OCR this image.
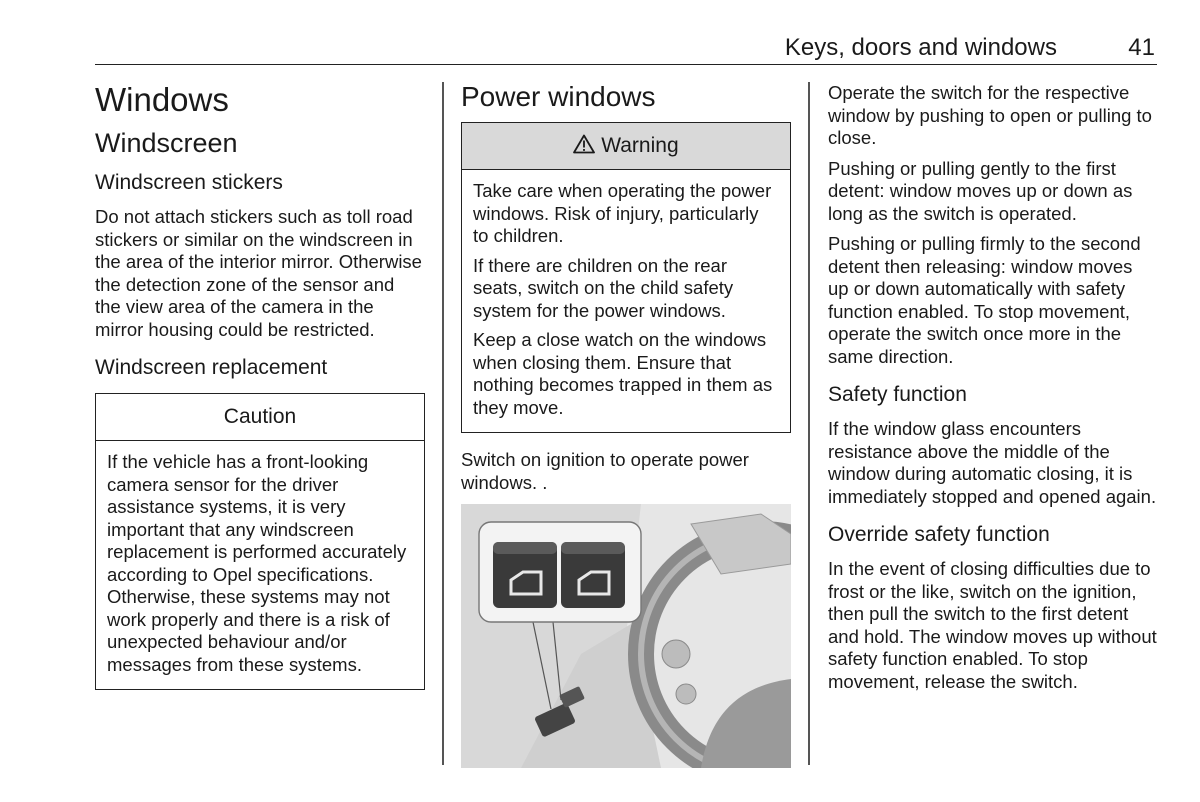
Keys, doors and windows	41
Windows
Windscreen
Windscreen stickers
Do not attach stickers such as toll road stickers or similar on the windscreen in the area of the interior mirror. Otherwise the detection zone of the sensor and the view area of the camera in the mirror housing could be restricted.
Windscreen replacement
Caution
If the vehicle has a front-looking camera sensor for the driver assistance systems, it is very important that any windscreen replacement is performed accurately according to Opel specifications. Otherwise, these systems may not work properly and there is a risk of unexpected behaviour and/or messages from these systems.
Power windows
Warning
Take care when operating the power windows. Risk of injury, particularly to children.
If there are children on the rear seats, switch on the child safety system for the power windows.
Keep a close watch on the windows when closing them. Ensure that nothing becomes trapped in them as they move.
Switch on ignition to operate power windows. .
Operate the switch for the respective window by pushing to open or pulling to close.
Pushing or pulling gently to the first detent: window moves up or down as long as the switch is operated.
Pushing or pulling firmly to the second detent then releasing: window moves up or down automatically with safety function enabled. To stop movement, operate the switch once more in the same direction.
Safety function
If the window glass encounters resistance above the middle of the window during automatic closing, it is immediately stopped and opened again.
Override safety function
In the event of closing difficulties due to frost or the like, switch on the ignition, then pull the switch to the first detent and hold. The window moves up without safety function enabled. To stop movement, release the switch.
